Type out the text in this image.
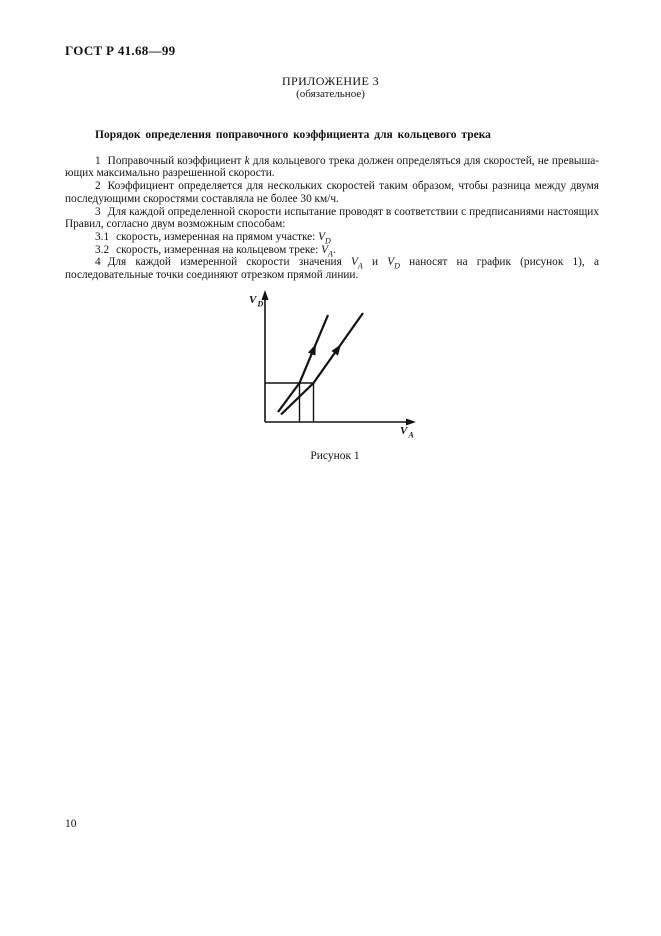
ГОСТ Р 41.68—99
ПРИЛОЖЕНИЕ 3
(обязательное)

Порядок определения поправочного коэффициента для кольцевого трека

1 Поправочный коэффициент k для кольцевого трека должен определяться для скоростей, не превышающих максимально разрешенной скорости.

2 Коэффициент определяется для нескольких скоростей таким образом, чтобы разница между двумя последующими скоростями составляла не более 30 км/ч.

3 Для каждой определенной скорости испытание проводят в соответствии с предписаниями настоящих Правил, согласно двум возможным способам:

3.1 скорость, измеренная на прямом участке: $V_D$

3.2 скорость, измеренная на кольцевом треке: $V_A$.

4 Для каждой измеренной скорости значения $V_A$ и $V_D$ наносят на график (рисунок 1), а последовательные точки соединяют отрезком прямой линии.

V D
V A
Рисунок 1
10
